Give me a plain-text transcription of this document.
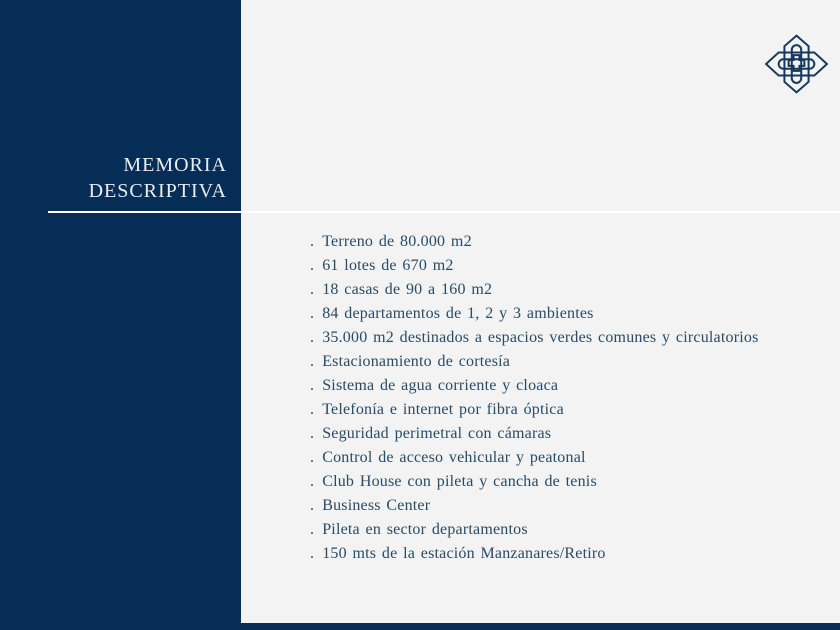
MEMORIA
DESCRIPTIVA
. Terreno de 80.000 m2
. 61 lotes de 670 m2
. 18 casas de 90 a 160 m2
. 84 departamentos de 1, 2 y 3 ambientes
. 35.000 m2 destinados a espacios verdes comunes y circulatorios
. Estacionamiento de cortesía
. Sistema de agua corriente y cloaca
. Telefonía e internet por fibra óptica
. Seguridad perimetral con cámaras
. Control de acceso vehicular y peatonal
. Club House con pileta y cancha de tenis
. Business Center
. Pileta en sector departamentos
. 150 mts de la estación Manzanares/Retiro
